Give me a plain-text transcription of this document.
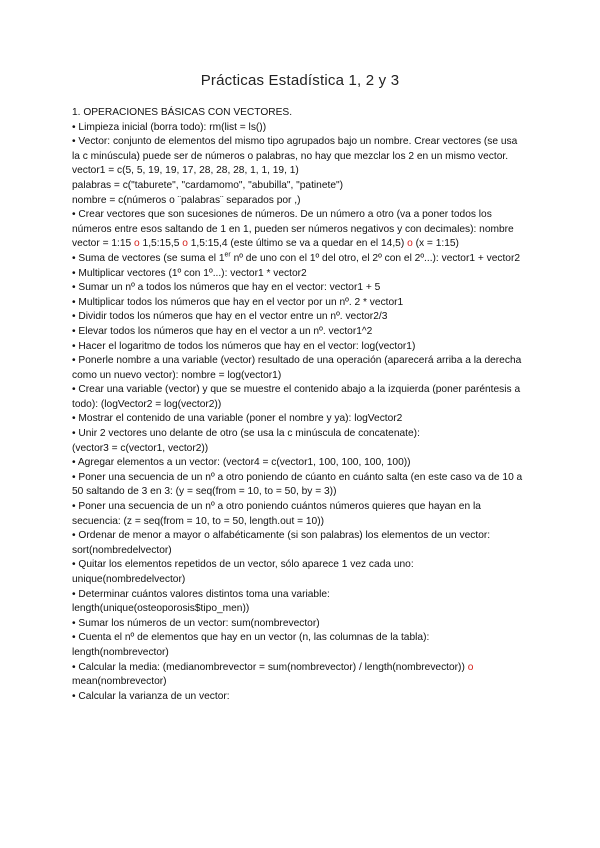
Prácticas Estadística 1, 2 y 3

1. OPERACIONES BÁSICAS CON VECTORES.

• Limpieza inicial (borra todo): rm(list = ls())

• Vector: conjunto de elementos del mismo tipo agrupados bajo un nombre. Crear vectores (se usa la c minúscula) puede ser de números o palabras, no hay que mezclar los 2 en un mismo vector. vector1 = c(5, 5, 19, 19, 17, 28, 28, 28, 1, 1, 19, 1)

palabras = c("taburete", "cardamomo", "abubilla", "patinete")

nombre = c(números o ¨palabras¨ separados por ,)

• Crear vectores que son sucesiones de números. De un número a otro (va a poner todos los números entre esos saltando de 1 en 1, pueden ser números negativos y con decimales): nombre vector = 1:15 o 1,5:15,5 o 1,5:15,4 (este último se va a quedar en el 14,5) o (x = 1:15)

• Suma de vectores (se suma el 1er nº de uno con el 1º del otro, el 2º con el 2º...): vector1 + vector2

• Multiplicar vectores (1º con 1º...): vector1 * vector2

• Sumar un nº a todos los números que hay en el vector: vector1 + 5

• Multiplicar todos los números que hay en el vector por un nº. 2 * vector1

• Dividir todos los números que hay en el vector entre un nº. vector2/3

• Elevar todos los números que hay en el vector a un nº. vector1^2

• Hacer el logaritmo de todos los números que hay en el vector: log(vector1)

• Ponerle nombre a una variable (vector) resultado de una operación (aparecerá arriba a la derecha como un nuevo vector): nombre = log(vector1)

• Crear una variable (vector) y que se muestre el contenido abajo a la izquierda (poner paréntesis a todo): (logVector2 = log(vector2))

• Mostrar el contenido de una variable (poner el nombre y ya): logVector2

• Unir 2 vectores uno delante de otro (se usa la c minúscula de concatenate):

(vector3 = c(vector1, vector2))

• Agregar elementos a un vector: (vector4 = c(vector1, 100, 100, 100, 100))

• Poner una secuencia de un nº a otro poniendo de cúanto en cuánto salta (en este caso va de 10 a 50 saltando de 3 en 3: (y = seq(from = 10, to = 50, by = 3))

• Poner una secuencia de un nº a otro poniendo cuántos números quieres que hayan en la secuencia: (z = seq(from = 10, to = 50, length.out = 10))

• Ordenar de menor a mayor o alfabéticamente (si son palabras) los elementos de un vector:

sort(nombredelvector)

• Quitar los elementos repetidos de un vector, sólo aparece 1 vez cada uno:

unique(nombredelvector)

• Determinar cuántos valores distintos toma una variable:

length(unique(osteoporosis$tipo_men))

• Sumar los números de un vector: sum(nombrevector)

• Cuenta el nº de elementos que hay en un vector (n, las columnas de la tabla):

length(nombrevector)

• Calcular la media: (medianombrevector = sum(nombrevector) / length(nombrevector)) o

mean(nombrevector)

• Calcular la varianza de un vector:
